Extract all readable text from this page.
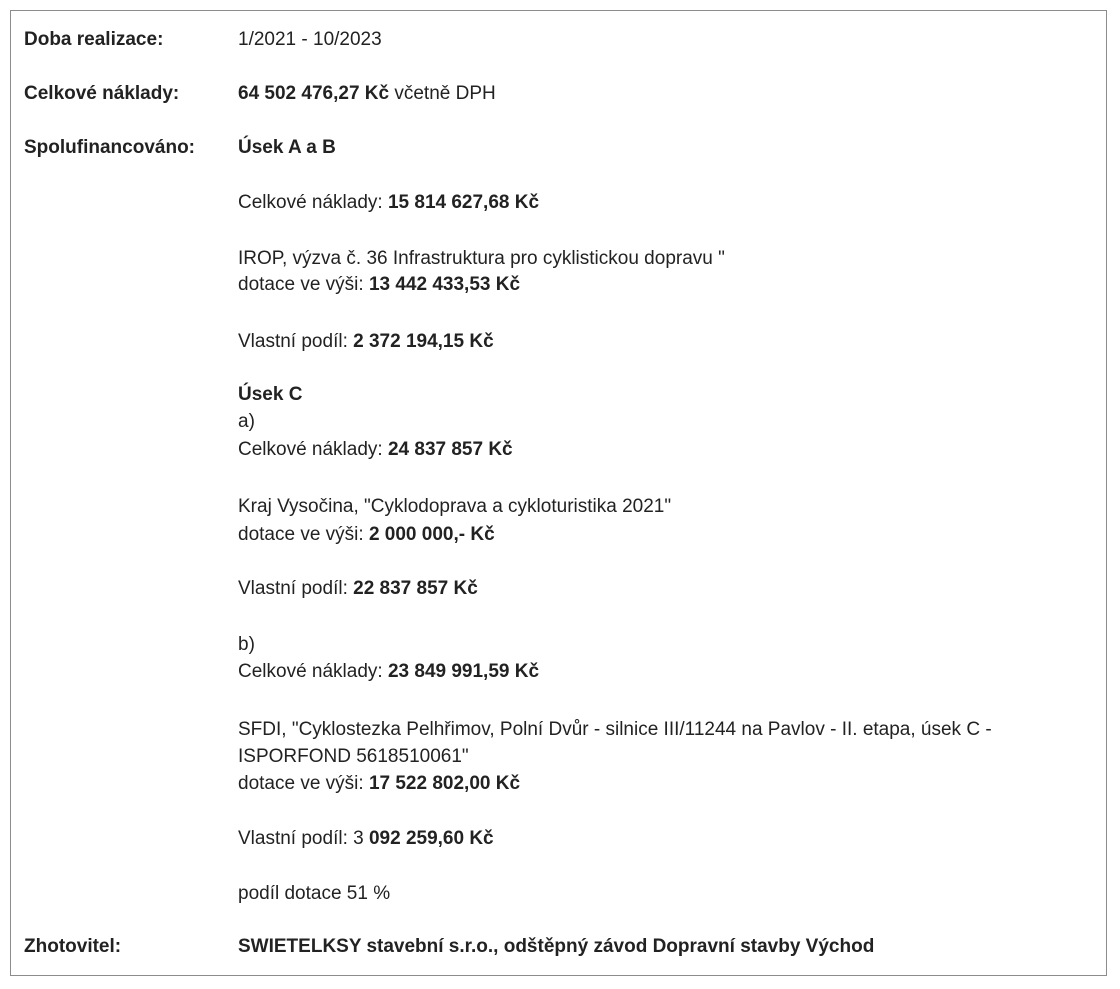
Doba realizace:	1/2021 - 10/2023
Celkové náklady:	64 502 476,27 Kč včetně DPH
Spolufinancováno: Úsek A a B
Celkové náklady: 15 814 627,68 Kč
IROP, výzva č. 36 Infrastruktura pro cyklistickou dopravu "
dotace ve výši: 13 442 433,53 Kč
Vlastní podíl: 2 372 194,15 Kč
Úsek C
a)
Celkové náklady: 24 837 857 Kč
Kraj Vysočina, "Cyklodoprava a cykloturistika 2021"
dotace ve výši: 2 000 000,- Kč
Vlastní podíl: 22 837 857 Kč
b)
Celkové náklady: 23 849 991,59 Kč
SFDI, "Cyklostezka Pelhřimov, Polní Dvůr - silnice III/11244 na Pavlov - II. etapa, úsek C -
ISPORFOND 5618510061"
dotace ve výši: 17 522 802,00 Kč
Vlastní podíl: 3 092 259,60 Kč
podíl dotace 51 %
Zhotovitel:	SWIETELKSY stavební s.r.o., odštěpný závod Dopravní stavby Východ
